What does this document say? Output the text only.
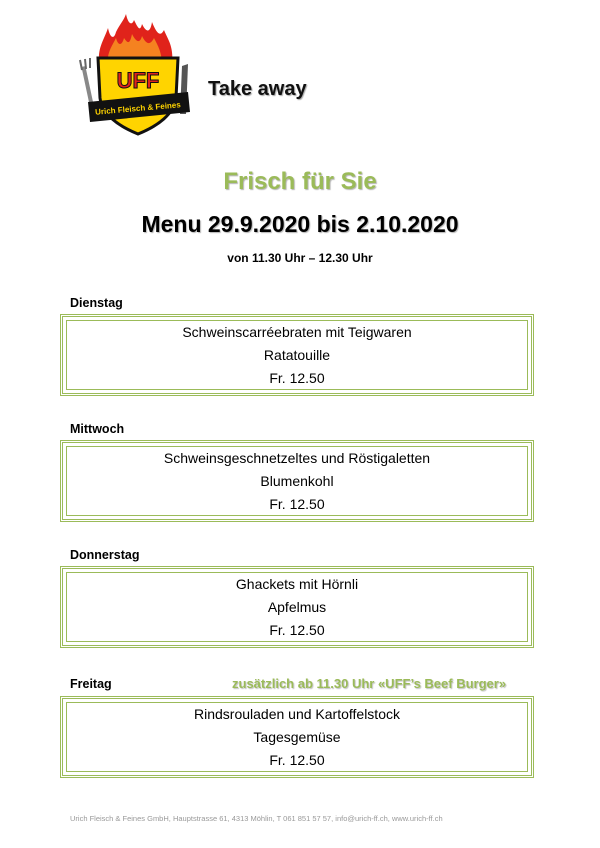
Urich Fleisch & Feines
UFF Take away
Frisch für Sie
Menu 29.9.2020 bis 2.10.2020
von 11.30 Uhr – 12.30 Uhr
Dienstag
Schweinscarréebraten mit Teigwaren
Ratatouille
Fr. 12.50
Mittwoch
Schweinsgeschnetzeltes und Röstigaletten
Blumenkohl
Fr. 12.50
Donnerstag
Ghackets mit Hörnli
Apfelmus
Fr. 12.50
Freitag	zusätzlich ab 11.30 Uhr «UFF’s Beef Burger»
Rindsrouladen und Kartoffelstock
Tagesgemüse
Fr. 12.50
Urich Fleisch & Feines GmbH, Hauptstrasse 61, 4313 Möhlin, T 061 851 57 57, info@urich-ff.ch, www.urich-ff.ch
